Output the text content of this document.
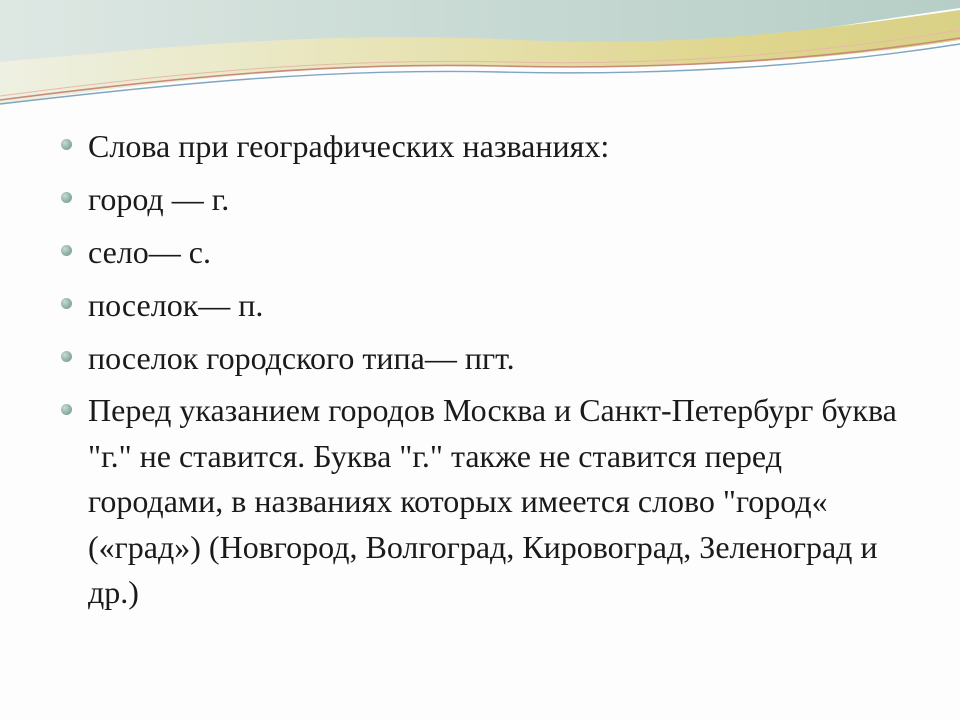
Слова при географических названиях:
город — г.
село— с.
поселок— п.
поселок городского типа— пгт.
Перед указанием городов Москва и Санкт-Петербург буква "г." не ставится. Буква "г." также не ставится перед городами, в названиях которых имеется слово "город« («град») (Новгород, Волгоград, Кировоград, Зеленоград и др.)
